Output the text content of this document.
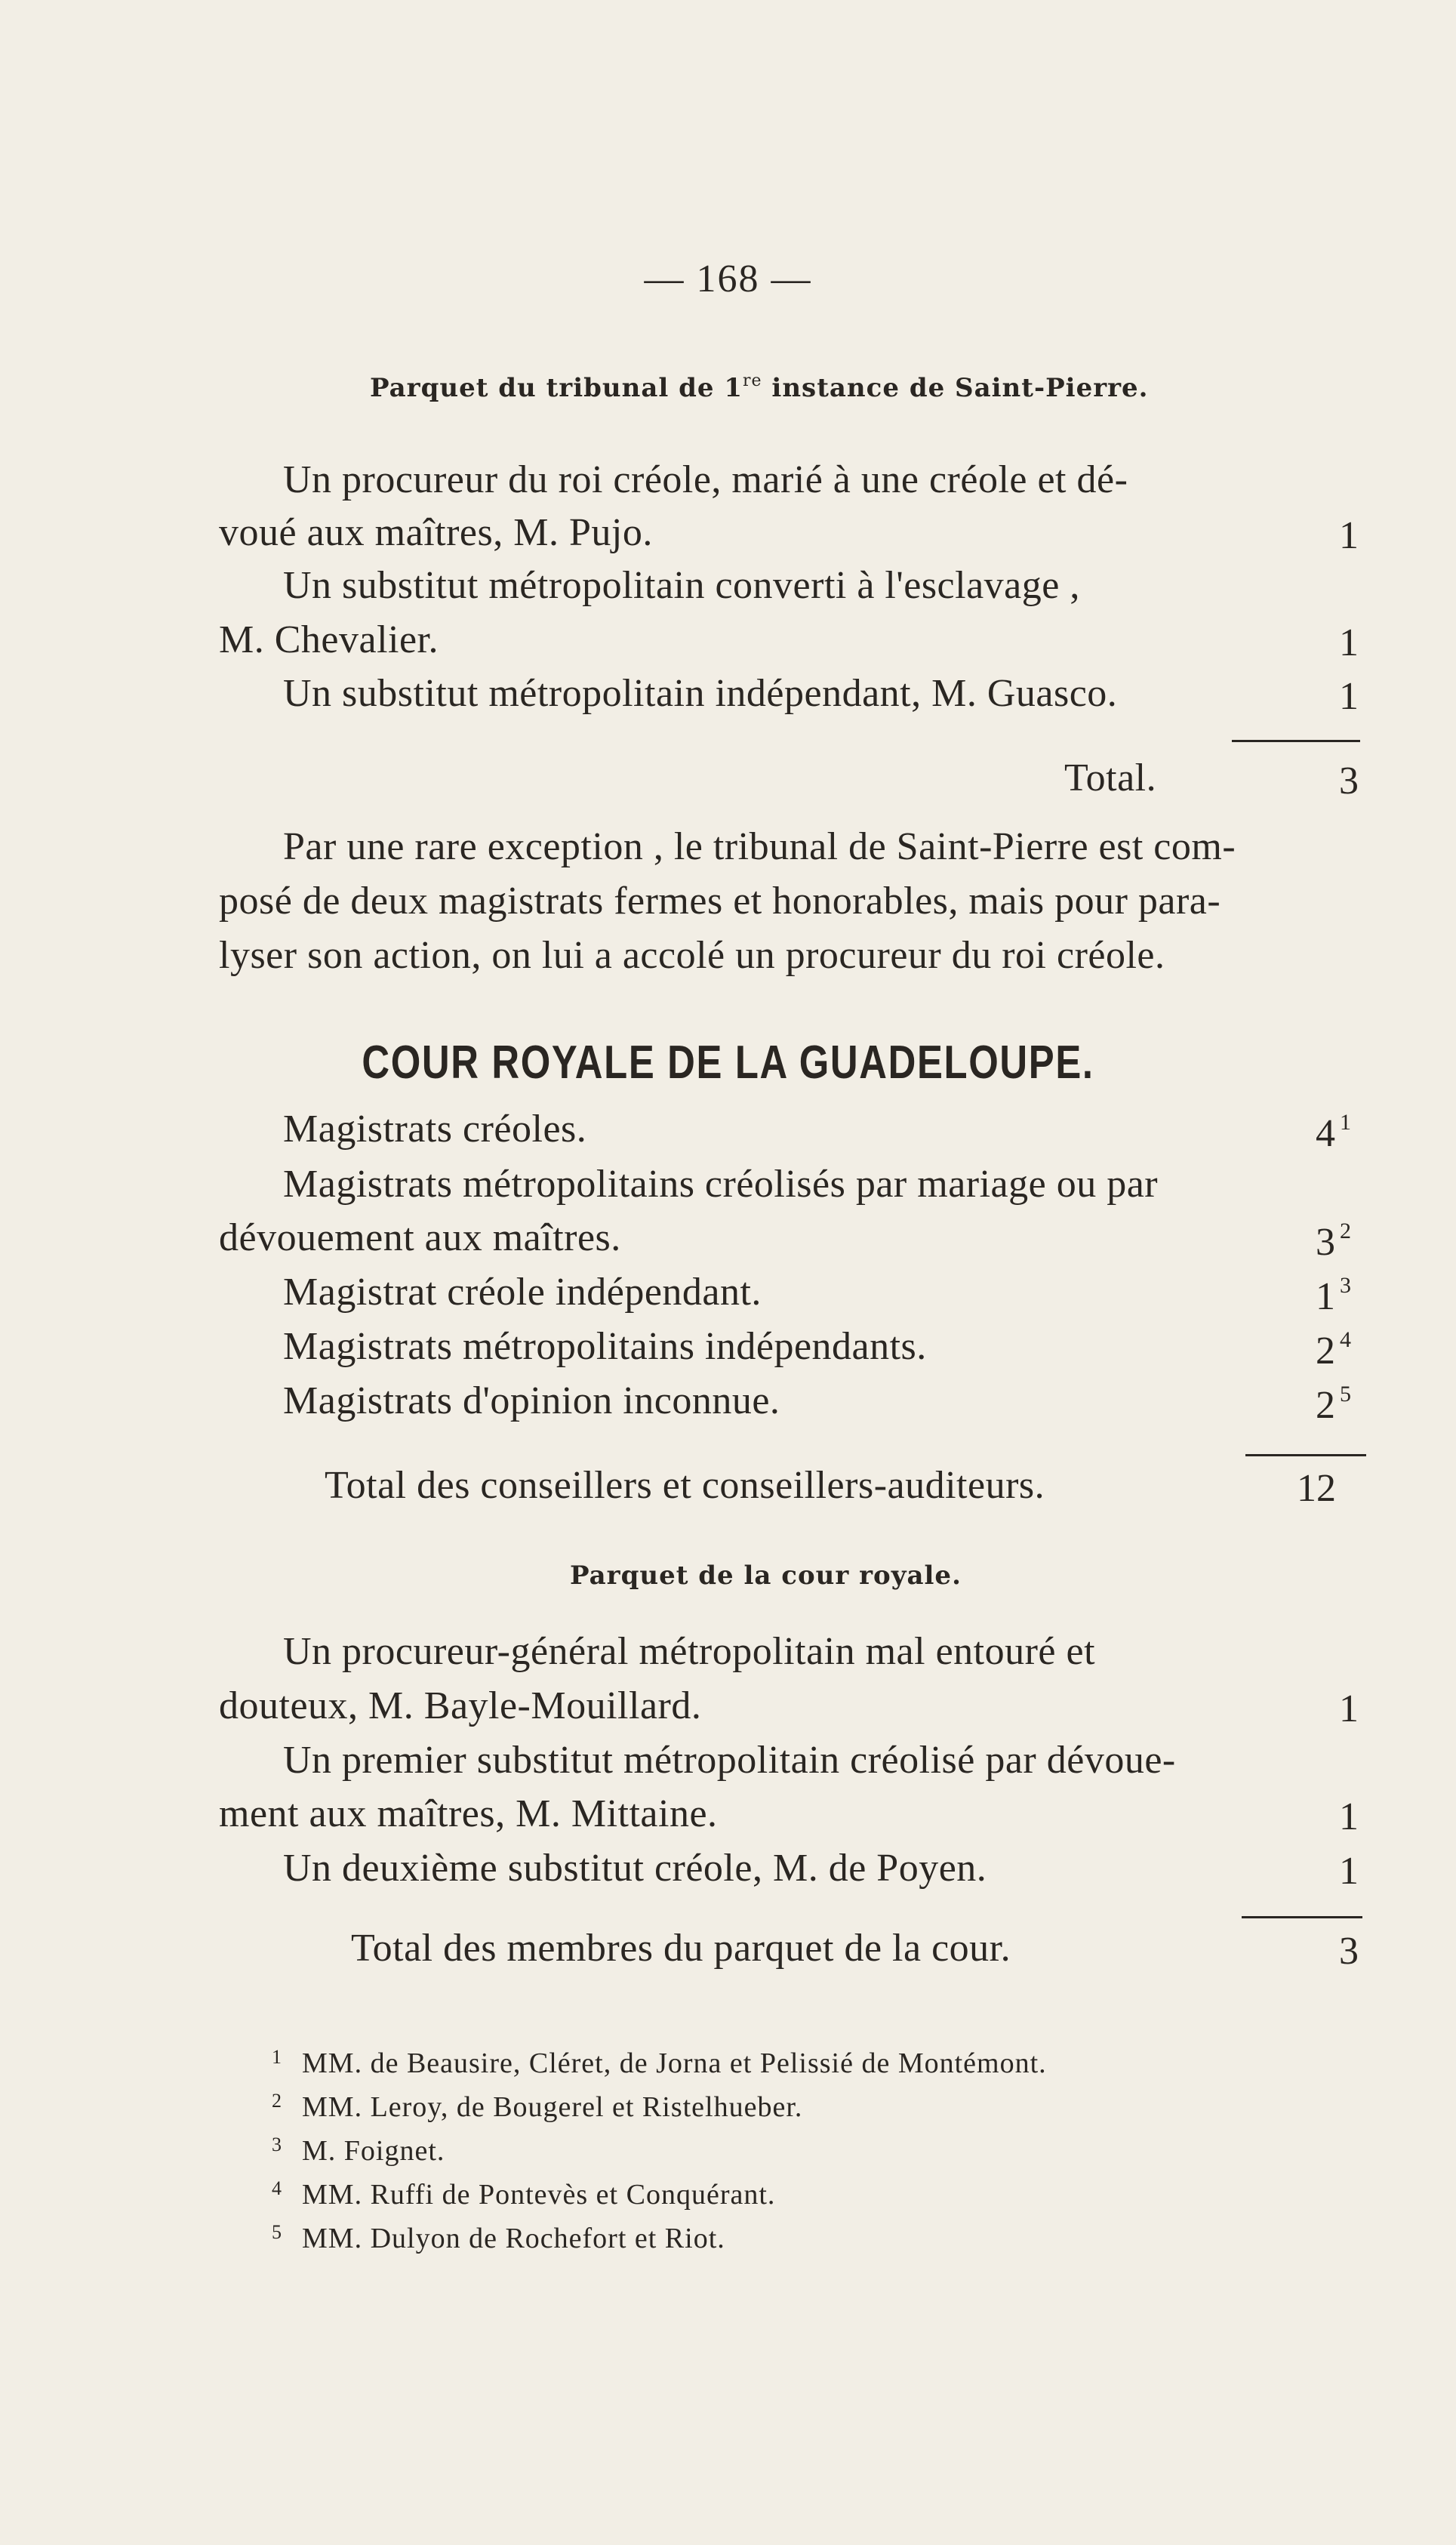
— 168 —
Parquet du tribunal de 1re instance de Saint-Pierre.
Un procureur du roi créole, marié à une créole et dé-
voué aux maîtres, M. Pujo.	1
Un substitut métropolitain converti à l'esclavage ,
M. Chevalier.	1
Un substitut métropolitain indépendant, M. Guasco.	1
Total.	3
Par une rare exception , le tribunal de Saint-Pierre est com-
posé de deux magistrats fermes et honorables, mais pour para-
lyser son action, on lui a accolé un procureur du roi créole.
COUR ROYALE DE LA GUADELOUPE.
Magistrats créoles.	4 $^1$
Magistrats métropolitains créolisés par mariage ou par
dévouement aux maîtres.	3 $^2$
Magistrat créole indépendant.	1 $^3$
Magistrats métropolitains indépendants.	2 $^4$
Magistrats d'opinion inconnue.	2 $^5$
Total des conseillers et conseillers-auditeurs.	12
Parquet de la cour royale.
Un procureur-général métropolitain mal entouré et
douteux, M. Bayle-Mouillard.	1
Un premier substitut métropolitain créolisé par dévoue-
ment aux maîtres, M. Mittaine.	1
Un deuxième substitut créole, M. de Poyen.	1
Total des membres du parquet de la cour.	3
1 MM. de Beausire, Cléret, de Jorna et Pelissié de Montémont.
2 MM. Leroy, de Bougerel et Ristelhueber.
3 M. Foignet.
4 MM. Ruffi de Pontevès et Conquérant.
5 MM. Dulyon de Rochefort et Riot.
